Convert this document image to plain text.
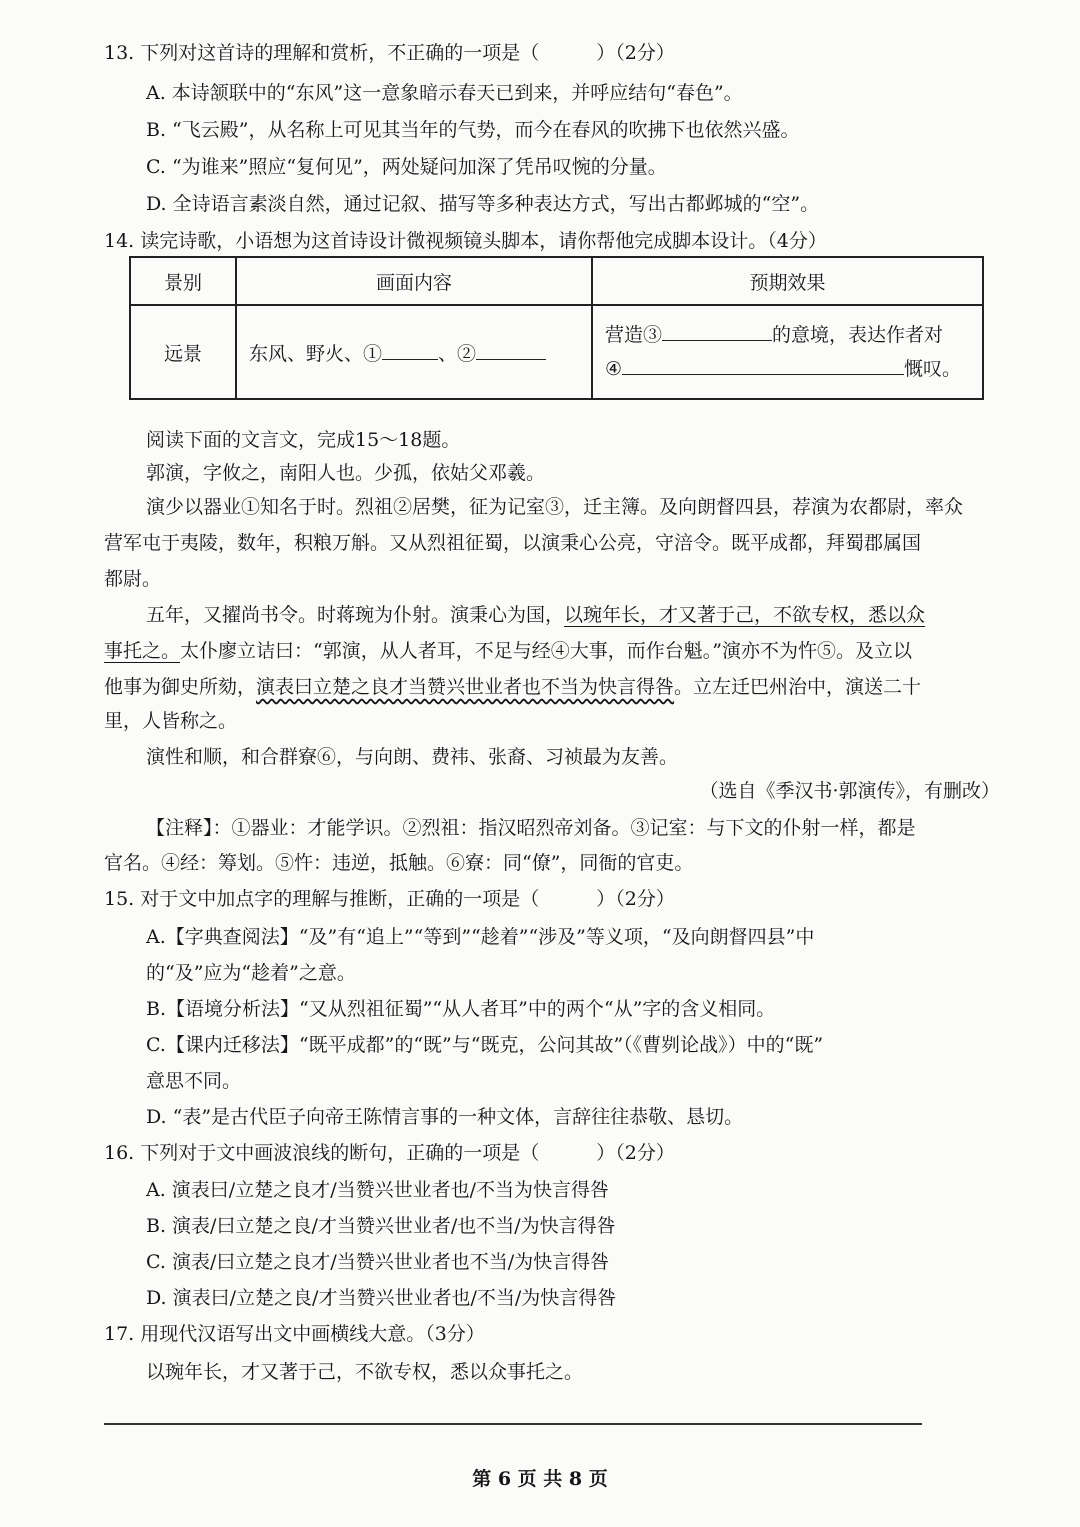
13. 下列对这首诗的理解和赏析，不正确的一项是（　　　）（2分）
A. 本诗颔联中的“东风”这一意象暗示春天已到来，并呼应结句“春色”。
B. “飞云殿”，从名称上可见其当年的气势，而今在春风的吹拂下也依然兴盛。
C. “为谁来”照应“复何见”，两处疑问加深了凭吊叹惋的分量。
D. 全诗语言素淡自然，通过记叙、描写等多种表达方式，写出古都邺城的“空”。
14. 读完诗歌，小语想为这首诗设计微视频镜头脚本，请你帮他完成脚本设计。（4分）
景别	画面内容	预期效果
远景	东风、野火、① 、②	营造③ 的意境，表达作者对
④ 慨叹。
阅读下面的文言文，完成15～18题。
郭演，字攸之，南阳人也。少孤，依姑父邓羲。
演少以器业①知名于时。烈祖②居樊，征为记室③，迁主簿。及向朗督四县，荐演为农都尉，率众
营军屯于夷陵，数年，积粮万斛。又从烈祖征蜀，以演秉心公亮，守涪令。既平成都，拜蜀郡属国
都尉。
五年，又擢尚书令。时蒋琬为仆射。演秉心为国，以琬年长，才又著于己，不欲专权，悉以众
事托之。太仆廖立诘曰：“郭演，从人者耳，不足与经④大事，而作台魁。”演亦不为忤⑤。及立以
他事为御史所劾，演表曰立楚之良才当赞兴世业者也不当为快言得咎。立左迁巴州治中，演送二十
里，人皆称之。
演性和顺，和合群寮⑥，与向朗、费祎、张裔、习祯最为友善。
（选自《季汉书·郭演传》，有删改）
【注释】：①器业：才能学识。②烈祖：指汉昭烈帝刘备。③记室：与下文的仆射一样，都是
官名。④经：筹划。⑤忤：违逆，抵触。⑥寮：同“僚”，同衙的官吏。
15. 对于文中加点字的理解与推断，正确的一项是（　　　）（2分）
A.【字典查阅法】“及”有“追上”“等到”“趁着”“涉及”等义项，“及向朗督四县”中
的“及”应为“趁着”之意。
B.【语境分析法】“又从烈祖征蜀”“从人者耳”中的两个“从”字的含义相同。
C.【课内迁移法】“既平成都”的“既”与“既克，公问其故”（《曹刿论战》）中的“既”
意思不同。
D. “表”是古代臣子向帝王陈情言事的一种文体，言辞往往恭敬、恳切。
16. 下列对于文中画波浪线的断句，正确的一项是（　　　）（2分）
A. 演表曰/立楚之良才/当赞兴世业者也/不当为快言得咎
B. 演表/曰立楚之良/才当赞兴世业者/也不当/为快言得咎
C. 演表/曰立楚之良才/当赞兴世业者也不当/为快言得咎
D. 演表曰/立楚之良/才当赞兴世业者也/不当/为快言得咎
17. 用现代汉语写出文中画横线大意。（3分）
以琬年长，才又著于己，不欲专权，悉以众事托之。
第 6 页 共 8 页
